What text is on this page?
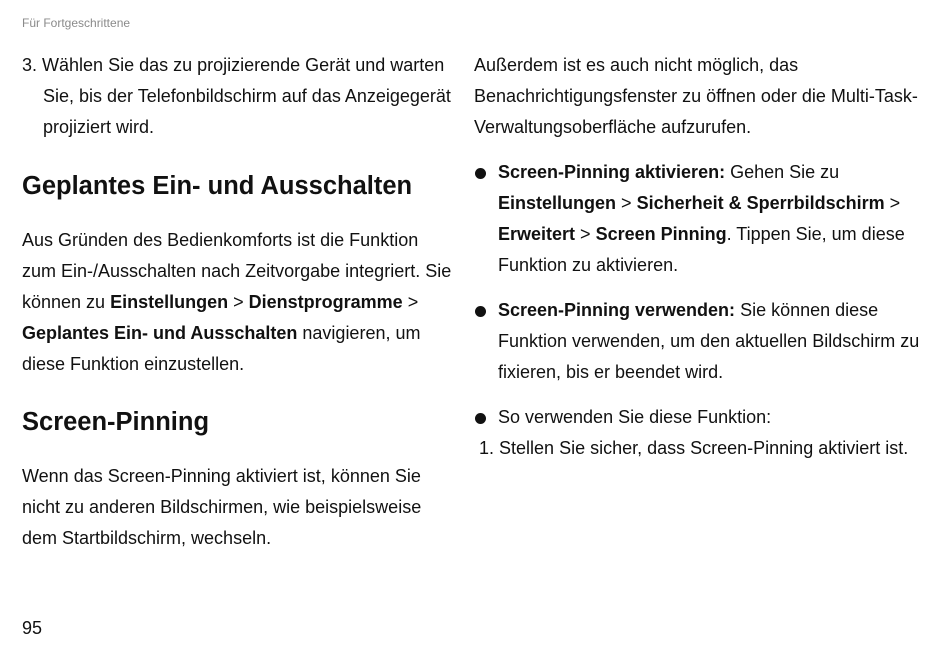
Für Fortgeschrittene

3. Wählen Sie das zu projizierende Gerät und warten Sie, bis der Telefonbildschirm auf das Anzeigegerät projiziert wird.

Geplantes Ein- und Ausschalten

Aus Gründen des Bedienkomforts ist die Funktion zum Ein-/Ausschalten nach Zeitvorgabe integriert. Sie können zu Einstellungen > Dienstprogramme > Geplantes Ein- und Ausschalten navigieren, um diese Funktion einzustellen.

Screen-Pinning

Wenn das Screen-Pinning aktiviert ist, können Sie nicht zu anderen Bildschirmen, wie beispielsweise dem Startbildschirm, wechseln.

Außerdem ist es auch nicht möglich, das Benachrichtigungsfenster zu öffnen oder die Multi-Task-Verwaltungsoberfläche aufzurufen.

Screen-Pinning aktivieren: Gehen Sie zu Einstellungen > Sicherheit & Sperrbildschirm > Erweitert > Screen Pinning. Tippen Sie, um diese Funktion zu aktivieren.
Screen-Pinning verwenden: Sie können diese Funktion verwenden, um den aktuellen Bildschirm zu fixieren, bis er beendet wird.
So verwenden Sie diese Funktion:

1. Stellen Sie sicher, dass Screen-Pinning aktiviert ist.

95
